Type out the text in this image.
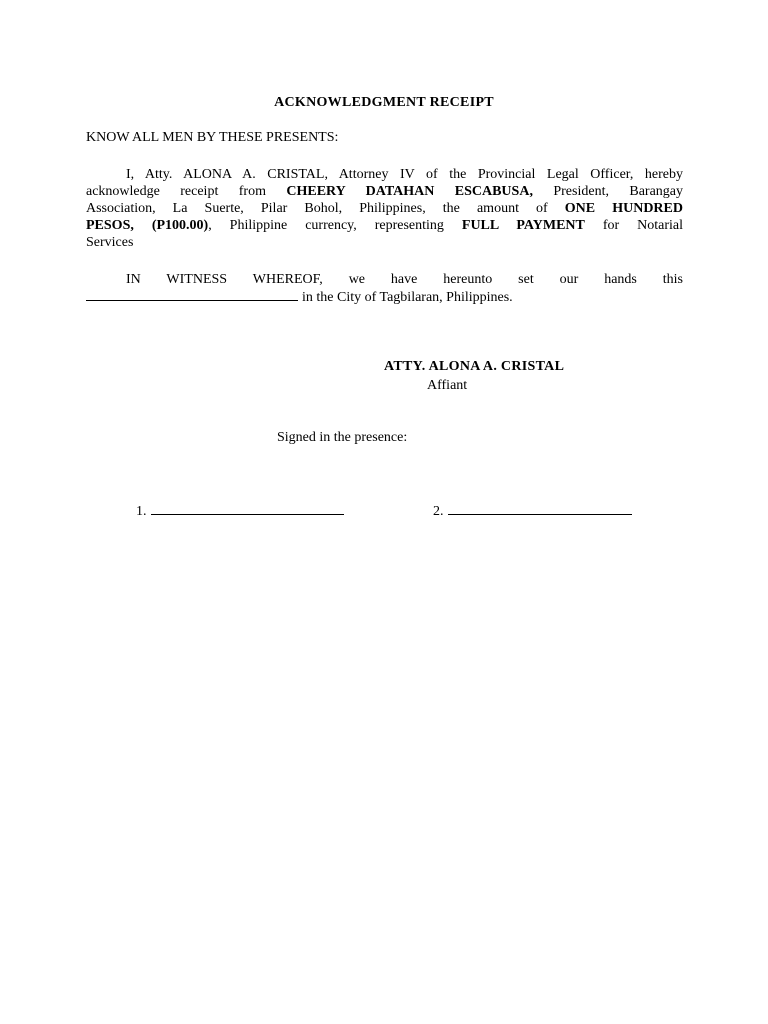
ACKNOWLEDGMENT RECEIPT
KNOW ALL MEN BY THESE PRESENTS:
I, Atty. ALONA A. CRISTAL, Attorney IV of the Provincial Legal Officer, hereby
acknowledge receipt from CHEERY DATAHAN ESCABUSA, President, Barangay
Association, La Suerte, Pilar Bohol, Philippines, the amount of ONE HUNDRED
PESOS, (P100.00), Philippine currency, representing FULL PAYMENT for Notarial
Services
IN WITNESS WHEREOF, we have hereunto set our hands this
in the City of Tagbilaran, Philippines.
ATTY. ALONA A. CRISTAL
Affiant
Signed in the presence:
1.	2.
